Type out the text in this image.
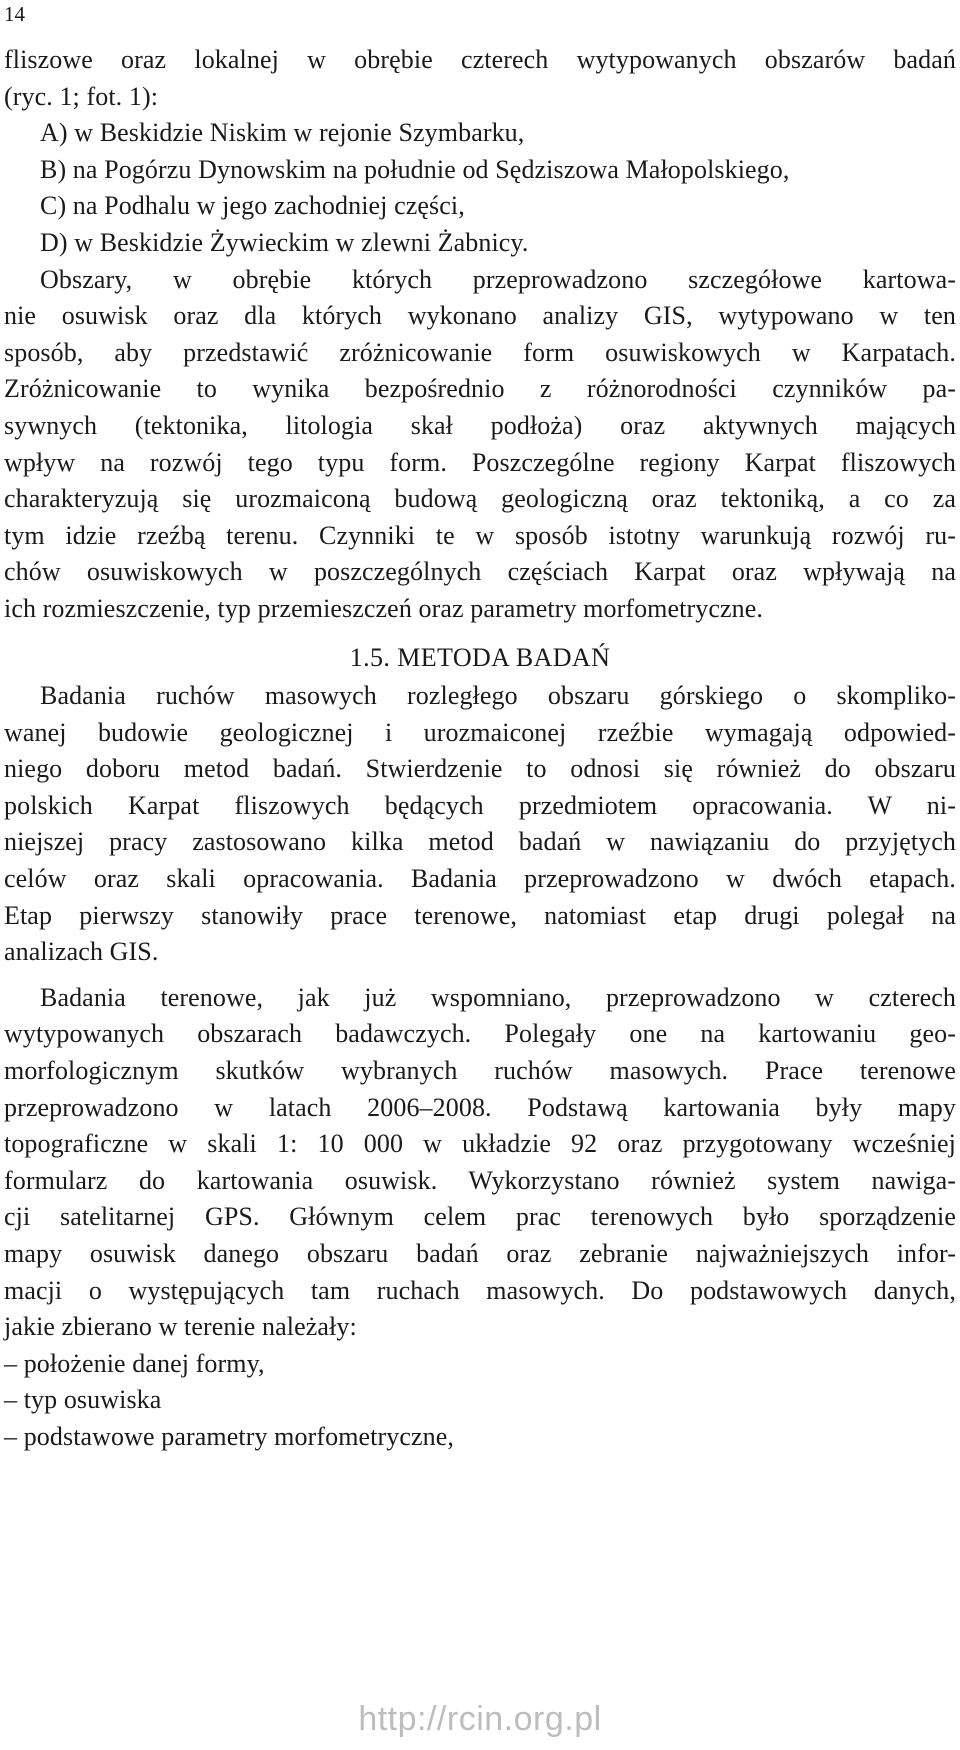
14
fliszowe oraz lokalnej w obrębie czterech wytypowanych obszarów badań
(ryc. 1; fot. 1):
A) w Beskidzie Niskim w rejonie Szymbarku,
B) na Pogórzu Dynowskim na południe od Sędziszowa Małopolskiego,
C) na Podhalu w jego zachodniej części,
D) w Beskidzie Żywieckim w zlewni Żabnicy.
Obszary, w obrębie których przeprowadzono szczegółowe kartowa-
nie osuwisk oraz dla których wykonano analizy GIS, wytypowano w ten
sposób, aby przedstawić zróżnicowanie form osuwiskowych w Karpatach.
Zróżnicowanie to wynika bezpośrednio z różnorodności czynników pa-
sywnych (tektonika, litologia skał podłoża) oraz aktywnych mających
wpływ na rozwój tego typu form. Poszczególne regiony Karpat fliszowych
charakteryzują się urozmaiconą budową geologiczną oraz tektoniką, a co za
tym idzie rzeźbą terenu. Czynniki te w sposób istotny warunkują rozwój ru-
chów osuwiskowych w poszczególnych częściach Karpat oraz wpływają na
ich rozmieszczenie, typ przemieszczeń oraz parametry morfometryczne.
1.5. METODA BADAŃ
Badania ruchów masowych rozległego obszaru górskiego o skompliko-
wanej budowie geologicznej i urozmaiconej rzeźbie wymagają odpowied-
niego doboru metod badań. Stwierdzenie to odnosi się również do obszaru
polskich Karpat fliszowych będących przedmiotem opracowania. W ni-
niejszej pracy zastosowano kilka metod badań w nawiązaniu do przyjętych
celów oraz skali opracowania. Badania przeprowadzono w dwóch etapach.
Etap pierwszy stanowiły prace terenowe, natomiast etap drugi polegał na
analizach GIS.
Badania terenowe, jak już wspomniano, przeprowadzono w czterech
wytypowanych obszarach badawczych. Polegały one na kartowaniu geo-
morfologicznym skutków wybranych ruchów masowych. Prace terenowe
przeprowadzono w latach 2006–2008. Podstawą kartowania były mapy
topograficzne w skali 1: 10 000 w układzie 92 oraz przygotowany wcześniej
formularz do kartowania osuwisk. Wykorzystano również system nawiga-
cji satelitarnej GPS. Głównym celem prac terenowych było sporządzenie
mapy osuwisk danego obszaru badań oraz zebranie najważniejszych infor-
macji o występujących tam ruchach masowych. Do podstawowych danych,
jakie zbierano w terenie należały:
– położenie danej formy,
– typ osuwiska
– podstawowe parametry morfometryczne,
http://rcin.org.pl
